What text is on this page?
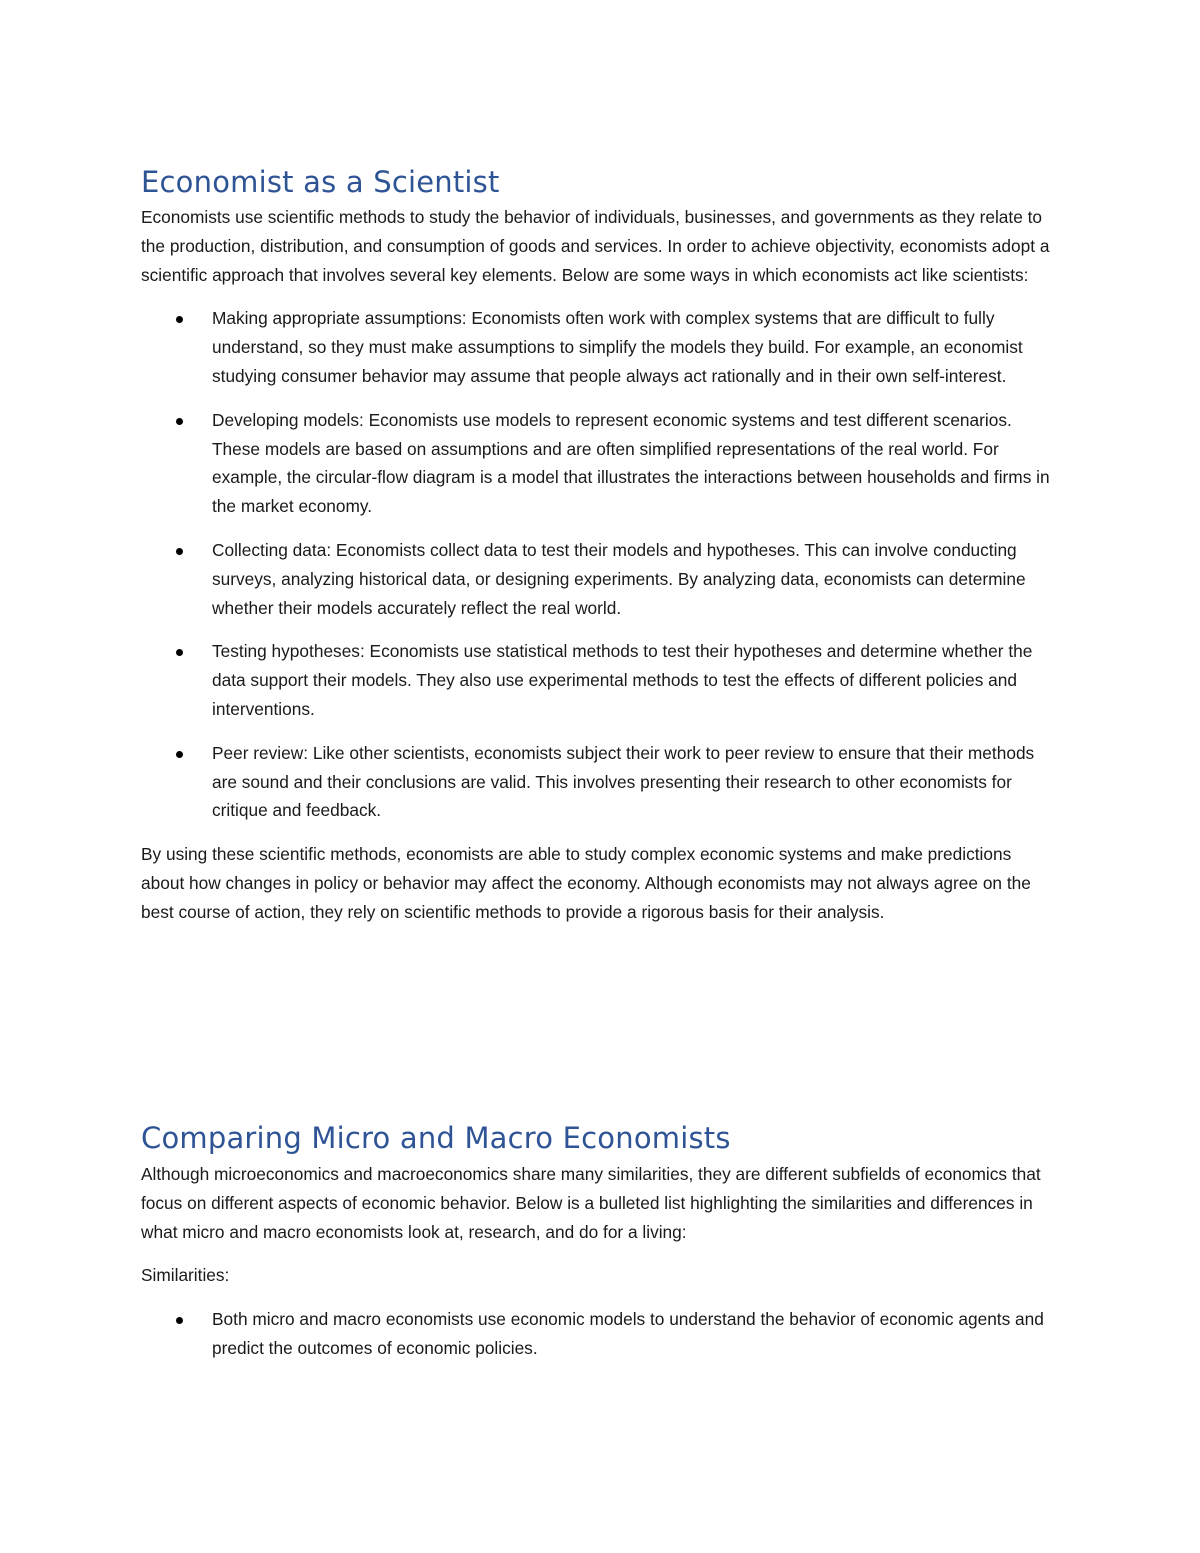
Economist as a Scientist

Economists use scientific methods to study the behavior of individuals, businesses, and governments as they relate to the production, distribution, and consumption of goods and services. In order to achieve objectivity, economists adopt a scientific approach that involves several key elements. Below are some ways in which economists act like scientists:

Making appropriate assumptions: Economists often work with complex systems that are difficult to fully understand, so they must make assumptions to simplify the models they build. For example, an economist studying consumer behavior may assume that people always act rationally and in their own self-interest.
Developing models: Economists use models to represent economic systems and test different scenarios. These models are based on assumptions and are often simplified representations of the real world. For example, the circular-flow diagram is a model that illustrates the interactions between households and firms in the market economy.
Collecting data: Economists collect data to test their models and hypotheses. This can involve conducting surveys, analyzing historical data, or designing experiments. By analyzing data, economists can determine whether their models accurately reflect the real world.
Testing hypotheses: Economists use statistical methods to test their hypotheses and determine whether the data support their models. They also use experimental methods to test the effects of different policies and interventions.
Peer review: Like other scientists, economists subject their work to peer review to ensure that their methods are sound and their conclusions are valid. This involves presenting their research to other economists for critique and feedback.

By using these scientific methods, economists are able to study complex economic systems and make predictions about how changes in policy or behavior may affect the economy. Although economists may not always agree on the best course of action, they rely on scientific methods to provide a rigorous basis for their analysis.

Comparing Micro and Macro Economists

Although microeconomics and macroeconomics share many similarities, they are different subfields of economics that focus on different aspects of economic behavior. Below is a bulleted list highlighting the similarities and differences in what micro and macro economists look at, research, and do for a living:

Similarities:

Both micro and macro economists use economic models to understand the behavior of economic agents and predict the outcomes of economic policies.
